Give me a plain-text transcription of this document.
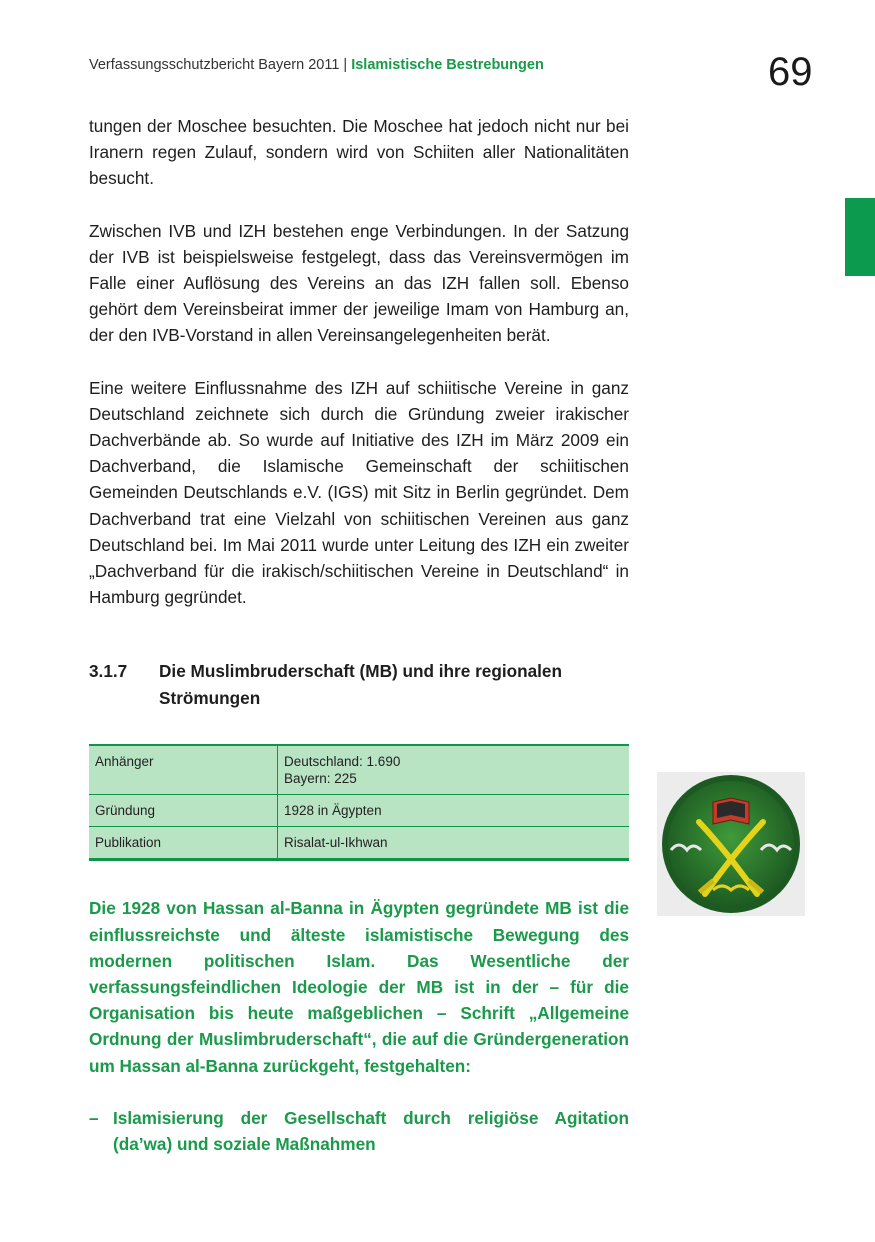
Verfassungsschutzbericht Bayern 2011 | Islamistische Bestrebungen	69

tungen der Moschee besuchten. Die Moschee hat jedoch nicht nur bei Iranern regen Zulauf, sondern wird von Schiiten aller Nationalitäten besucht.

Zwischen IVB und IZH bestehen enge Verbindungen. In der Satzung der IVB ist beispielsweise festgelegt, dass das Vereinsvermögen im Falle einer Auflösung des Vereins an das IZH fallen soll. Ebenso gehört dem Vereinsbeirat immer der jeweilige Imam von Hamburg an, der den IVB-Vorstand in allen Vereinsangelegenheiten berät.

Eine weitere Einflussnahme des IZH auf schiitische Vereine in ganz Deutschland zeichnete sich durch die Gründung zweier irakischer Dachverbände ab. So wurde auf Initiative des IZH im März 2009 ein Dachverband, die Islamische Gemeinschaft der schiitischen Gemeinden Deutschlands e.V. (IGS) mit Sitz in Berlin gegründet. Dem Dachverband trat eine Vielzahl von schiitischen Vereinen aus ganz Deutschland bei. Im Mai 2011 wurde unter Leitung des IZH ein zweiter „Dachverband für die irakisch/schiitischen Vereine in Deutschland“ in Hamburg gegründet.

3.1.7	Die Muslimbruderschaft (MB) und ihre regionalen Strömungen
Anhänger	Deutschland: 1.690
Bayern: 225

Gründung	1928 in Ägypten
Publikation	Risalat-ul-Ikhwan

Die 1928 von Hassan al-Banna in Ägypten gegründete MB ist die einflussreichste und älteste islamistische Bewegung des modernen politischen Islam. Das Wesentliche der verfassungsfeindlichen Ideologie der MB ist in der – für die Organisation bis heute maßgeblichen – Schrift „Allgemeine Ordnung der Muslimbruderschaft“, die auf die Gründergeneration um Hassan al-Banna zurückgeht, festgehalten:

– Islamisierung der Gesellschaft durch religiöse Agitation (da’wa) und soziale Maßnahmen
